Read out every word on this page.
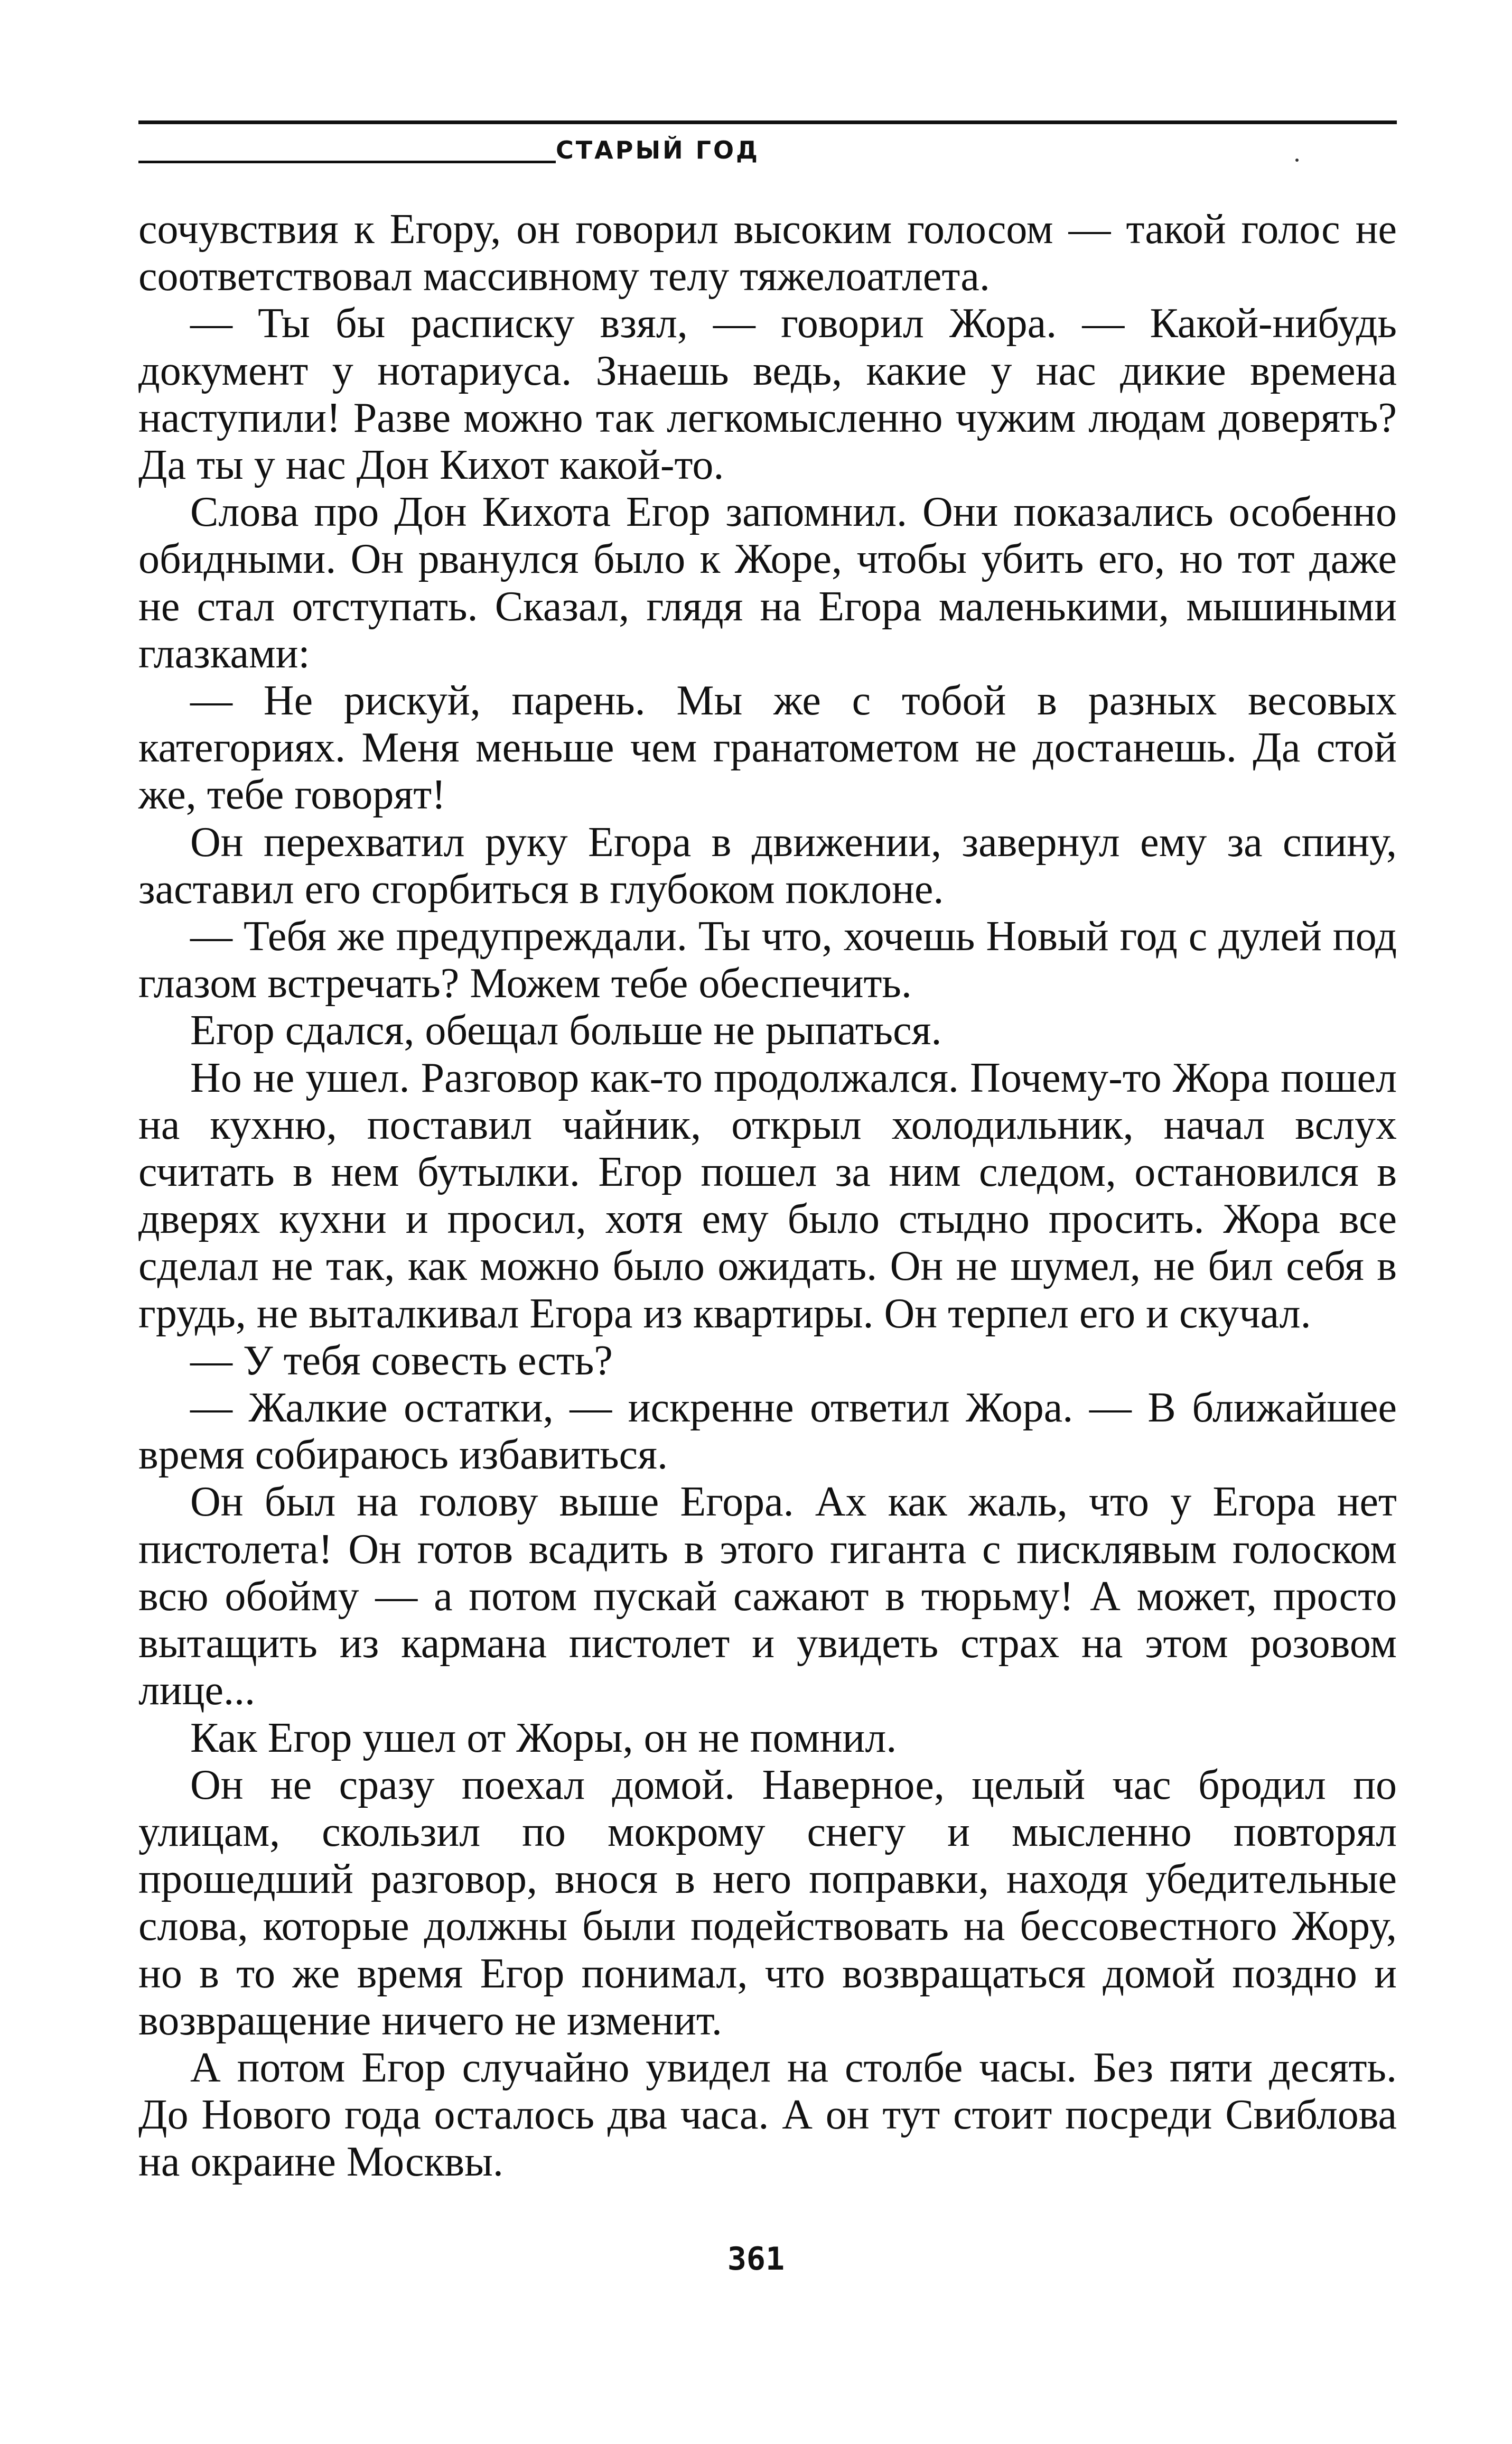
СТАРЫЙ ГОД

сочувствия к Егору, он говорил высоким голосом — такой голос не соответствовал массивному телу тяжелоатлета.

— Ты бы расписку взял, — говорил Жора. — Какой-нибудь документ у нотариуса. Знаешь ведь, какие у нас дикие времена наступили! Разве можно так легкомысленно чужим людам доверять? Да ты у нас Дон Кихот какой-то.

Слова про Дон Кихота Егор запомнил. Они показались особенно обидными. Он рванулся было к Жоре, чтобы убить его, но тот даже не стал отступать. Сказал, глядя на Егора маленькими, мышиными глазками:

— Не рискуй, парень. Мы же с тобой в разных весовых категориях. Меня меньше чем гранатометом не достанешь. Да стой же, тебе говорят!

Он перехватил руку Егора в движении, завернул ему за спину, заставил его сгорбиться в глубоком поклоне.

— Тебя же предупреждали. Ты что, хочешь Новый год с дулей под глазом встречать? Можем тебе обеспечить.

Егор сдался, обещал больше не рыпаться.

Но не ушел. Разговор как-то продолжался. Почему-то Жора пошел на кухню, поставил чайник, открыл холодильник, начал вслух считать в нем бутылки. Егор пошел за ним следом, остановился в дверях кухни и просил, хотя ему было стыдно просить. Жора все сделал не так, как можно было ожидать. Он не шумел, не бил себя в грудь, не выталкивал Егора из квартиры. Он терпел его и скучал.

— У тебя совесть есть?

— Жалкие остатки, — искренне ответил Жора. — В ближайшее время собираюсь избавиться.

Он был на голову выше Егора. Ах как жаль, что у Егора нет пистолета! Он готов всадить в этого гиганта с писклявым голоском всю обойму — а потом пускай сажают в тюрьму! А может, просто вытащить из кармана пистолет и увидеть страх на этом розовом лице...

Как Егор ушел от Жоры, он не помнил.

Он не сразу поехал домой. Наверное, целый час бродил по улицам, скользил по мокрому снегу и мысленно повторял прошедший разговор, внося в него поправки, находя убедительные слова, которые должны были подействовать на бессовестного Жору, но в то же время Егор понимал, что возвращаться домой поздно и возвращение ничего не изменит.

А потом Егор случайно увидел на столбе часы. Без пяти десять. До Нового года осталось два часа. А он тут стоит посреди Свиблова на окраине Москвы.

361
